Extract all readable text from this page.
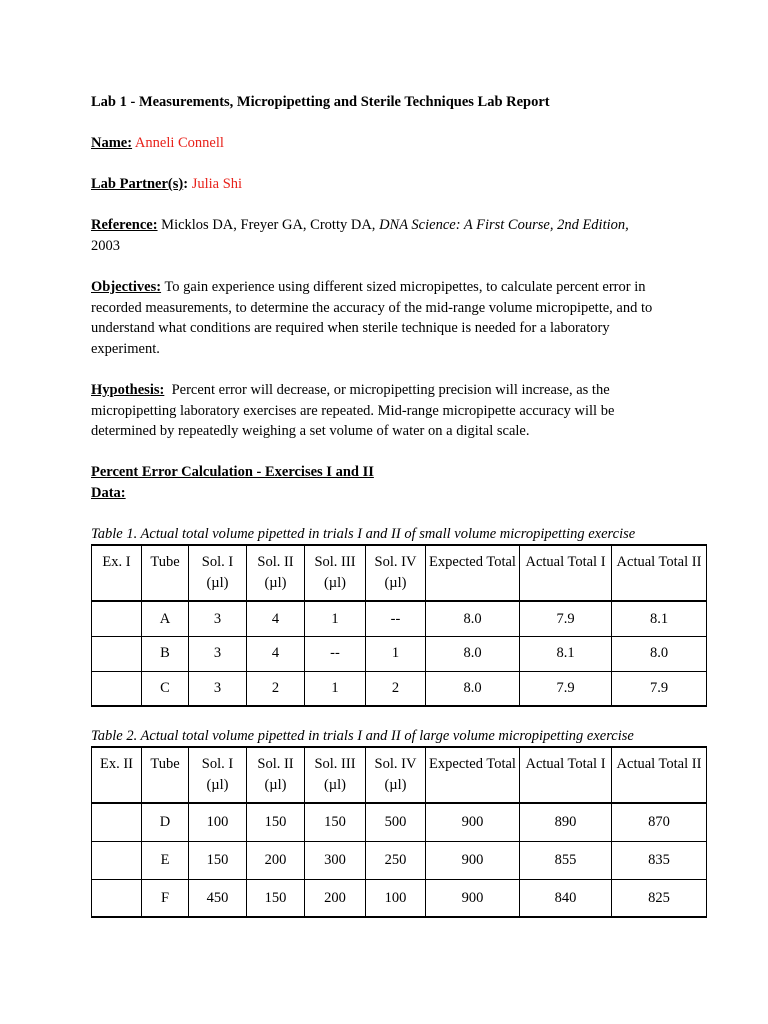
Lab 1 - Measurements, Micropipetting and Sterile Techniques Lab Report
Name: Anneli Connell
Lab Partner(s): Julia Shi
Reference: Micklos DA, Freyer GA, Crotty DA, DNA Science: A First Course, 2nd Edition,
2003
Objectives: To gain experience using different sized micropipettes, to calculate percent error in recorded measurements, to determine the accuracy of the mid-range volume micropipette, and to understand what conditions are required when sterile technique is needed for a laboratory experiment.
Hypothesis: Percent error will decrease, or micropipetting precision will increase, as the micropipetting laboratory exercises are repeated. Mid-range micropipette accuracy will be determined by repeatedly weighing a set volume of water on a digital scale.
Percent Error Calculation - Exercises I and II
Data:
Table 1. Actual total volume pipetted in trials I and II of small volume micropipetting exercise
Ex. I	Tube	Sol. I (µl)	Sol. II (µl)	Sol. III (µl)	Sol. IV (µl)	Expected Total	Actual Total I	Actual Total II
	A	3	4	1	--	8.0	7.9	8.1
	B	3	4	--	1	8.0	8.1	8.0
	C	3	2	1	2	8.0	7.9	7.9
Table 2. Actual total volume pipetted in trials I and II of large volume micropipetting exercise
Ex. II	Tube	Sol. I (µl)	Sol. II (µl)	Sol. III (µl)	Sol. IV (µl)	Expected Total	Actual Total I	Actual Total II
	D	100	150	150	500	900	890	870
	E	150	200	300	250	900	855	835
	F	450	150	200	100	900	840	825
